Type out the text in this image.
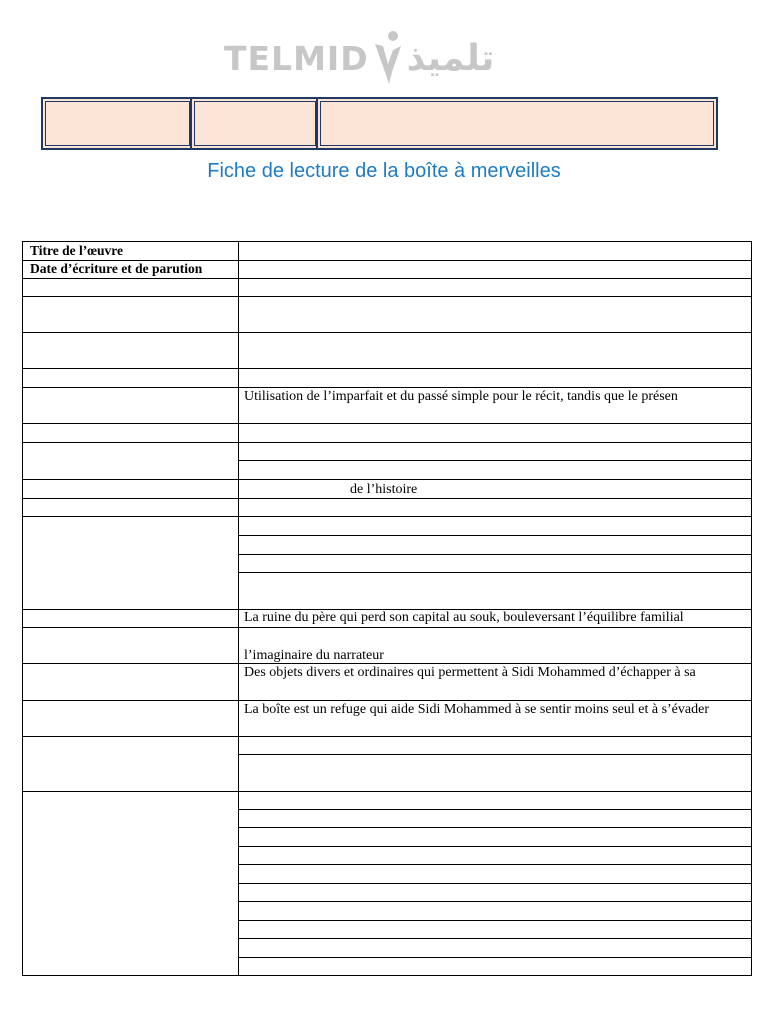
TELMID تلميذ
Fiche de lecture de la boîte à merveilles
Titre de l’œuvre
Date d’écriture et de parution
Utilisation de l’imparfait et du passé simple pour le récit, tandis que le présen
de l’histoire
La ruine du père qui perd son capital au souk, bouleversant l’équilibre familial
l’imaginaire du narrateur
Des objets divers et ordinaires qui permettent à Sidi Mohammed d’échapper à sa
La boîte est un refuge qui aide Sidi Mohammed à se sentir moins seul et à s’évader
